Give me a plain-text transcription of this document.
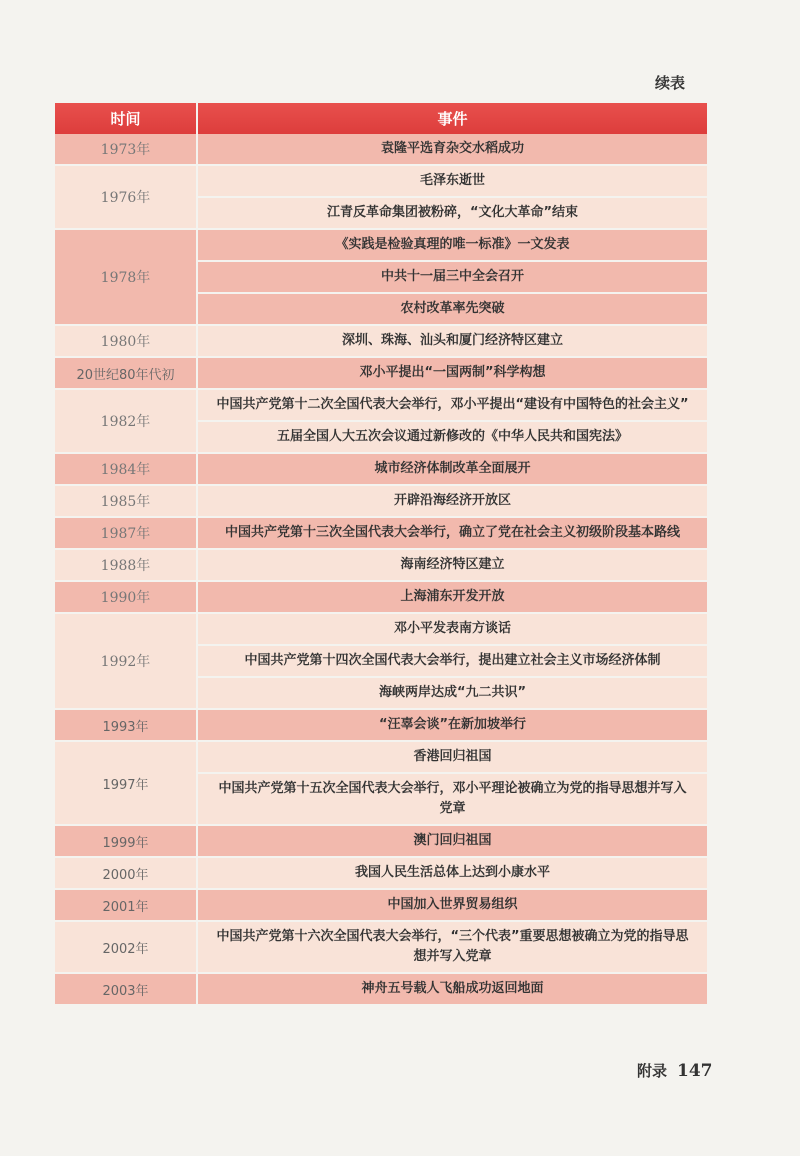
续表
时间	事件
1973年	袁隆平选育杂交水稻成功
1976年	毛泽东逝世
	江青反革命集团被粉碎，“文化大革命”结束
1978年	《实践是检验真理的唯一标准》一文发表
	中共十一届三中全会召开
	农村改革率先突破
1980年	深圳、珠海、汕头和厦门经济特区建立
20世纪80年代初	邓小平提出“一国两制”科学构想
1982年	中国共产党第十二次全国代表大会举行，邓小平提出“建设有中国特色的社会主义”
	五届全国人大五次会议通过新修改的《中华人民共和国宪法》
1984年	城市经济体制改革全面展开
1985年	开辟沿海经济开放区
1987年	中国共产党第十三次全国代表大会举行，确立了党在社会主义初级阶段基本路线
1988年	海南经济特区建立
1990年	上海浦东开发开放
1992年	邓小平发表南方谈话
	中国共产党第十四次全国代表大会举行，提出建立社会主义市场经济体制
	海峡两岸达成“九二共识”
1993年	“汪辜会谈”在新加坡举行
1997年	香港回归祖国

	中国共产党第十五次全国代表大会举行，邓小平理论被确立为党的指导思想并写入党章

1999年	澳门回归祖国
2000年	我国人民生活总体上达到小康水平
2001年	中国加入世界贸易组织
2002年	中国共产党第十六次全国代表大会举行，“三个代表”重要思想被确立为党的指导思想并写入党章

2003年	神舟五号载人飞船成功返回地面
附录 147
